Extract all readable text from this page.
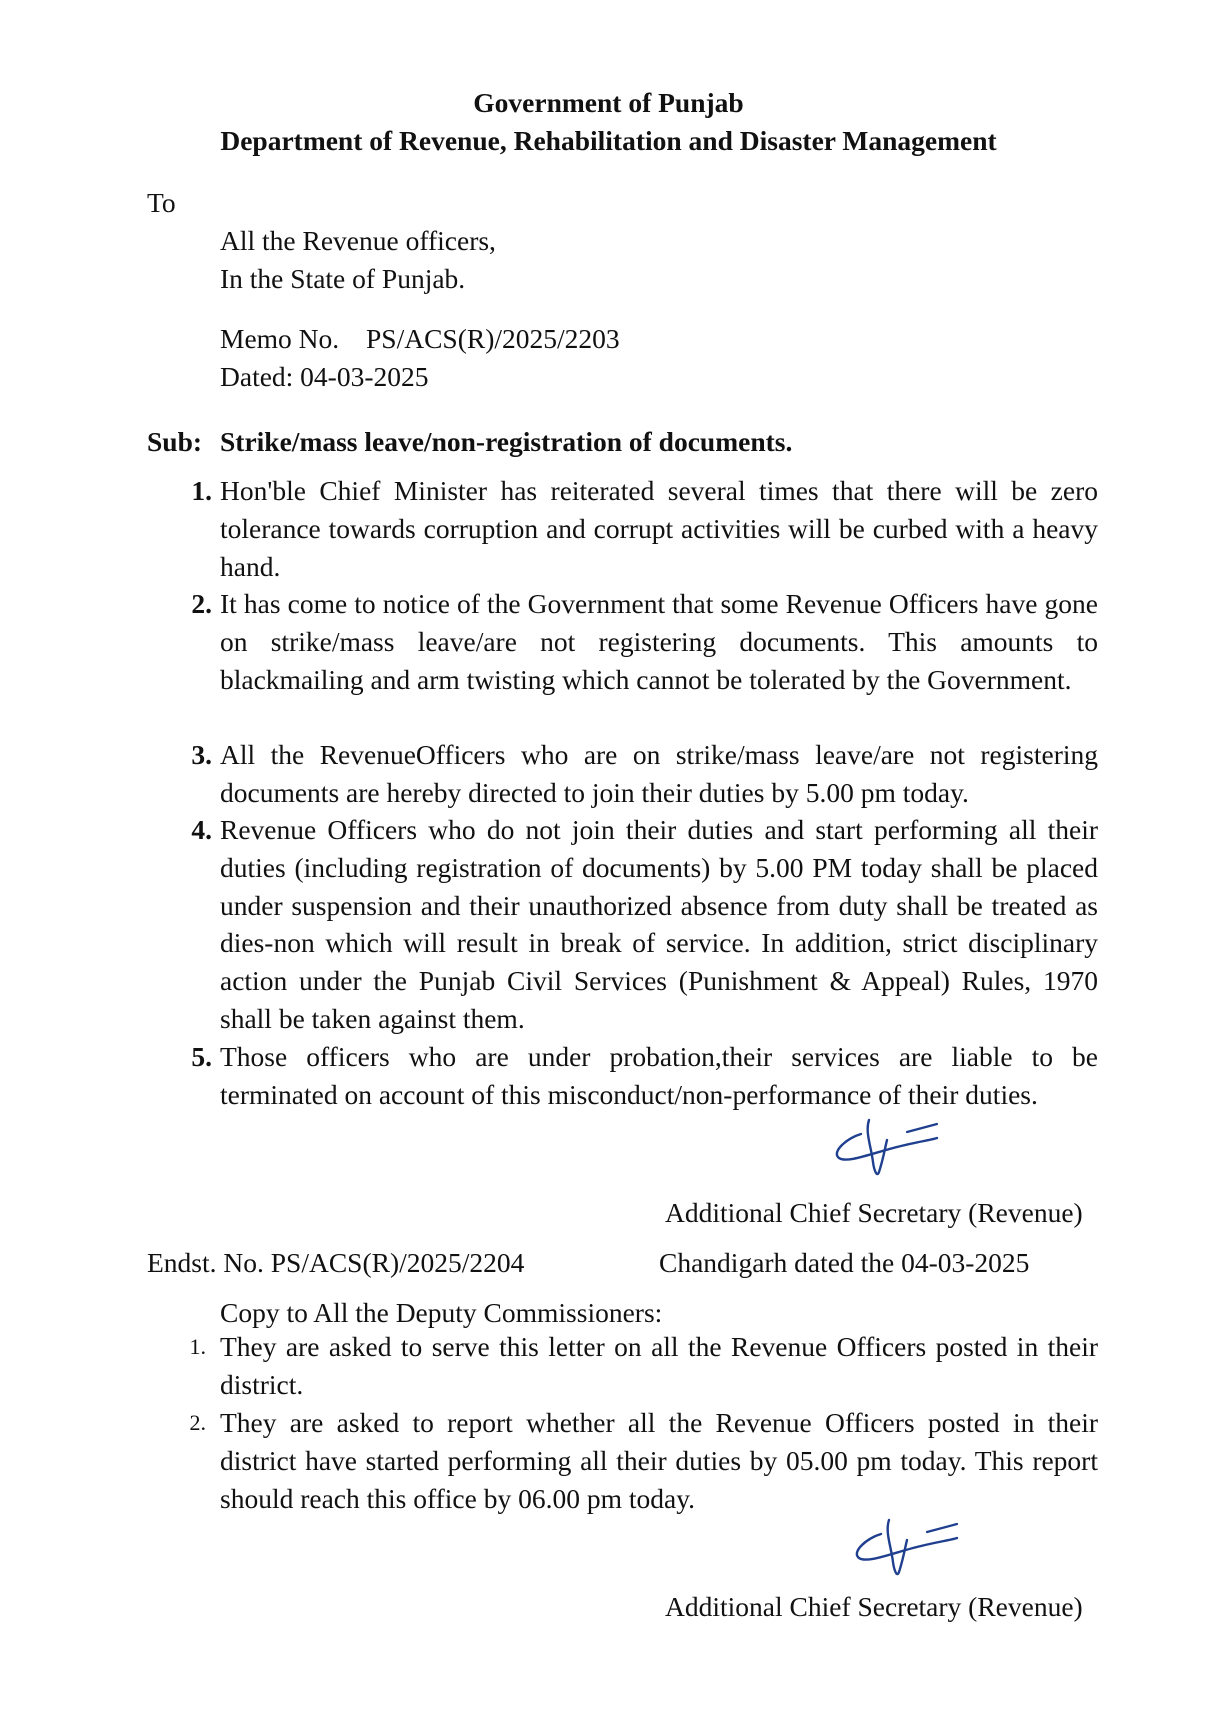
Government of Punjab
Department of Revenue, Rehabilitation and Disaster Management
To
All the Revenue officers,
In the State of Punjab.
Memo No. PS/ACS(R)/2025/2203
Dated: 04-03-2025
Sub: Strike/mass leave/non-registration of documents.
1. Hon'ble Chief Minister has reiterated several times that there will be zero tolerance towards corruption and corrupt activities will be curbed with a heavy hand.
2. It has come to notice of the Government that some Revenue Officers have gone on strike/mass leave/are not registering documents. This amounts to blackmailing and arm twisting which cannot be tolerated by the Government.
3. All the RevenueOfficers who are on strike/mass leave/are not registering documents are hereby directed to join their duties by 5.00 pm today.
4. Revenue Officers who do not join their duties and start performing all their duties (including registration of documents) by 5.00 PM today shall be placed under suspension and their unauthorized absence from duty shall be treated as dies-non which will result in break of service. In addition, strict disciplinary action under the Punjab Civil Services (Punishment & Appeal) Rules, 1970 shall be taken against them.
5. Those officers who are under probation,their services are liable to be terminated on account of this misconduct/non-performance of their duties.
Additional Chief Secretary (Revenue)
Endst. No. PS/ACS(R)/2025/2204	Chandigarh dated the 04-03-2025
Copy to All the Deputy Commissioners:
1. They are asked to serve this letter on all the Revenue Officers posted in their district.
2. They are asked to report whether all the Revenue Officers posted in their district have started performing all their duties by 05.00 pm today. This report should reach this office by 06.00 pm today.
Additional Chief Secretary (Revenue)
